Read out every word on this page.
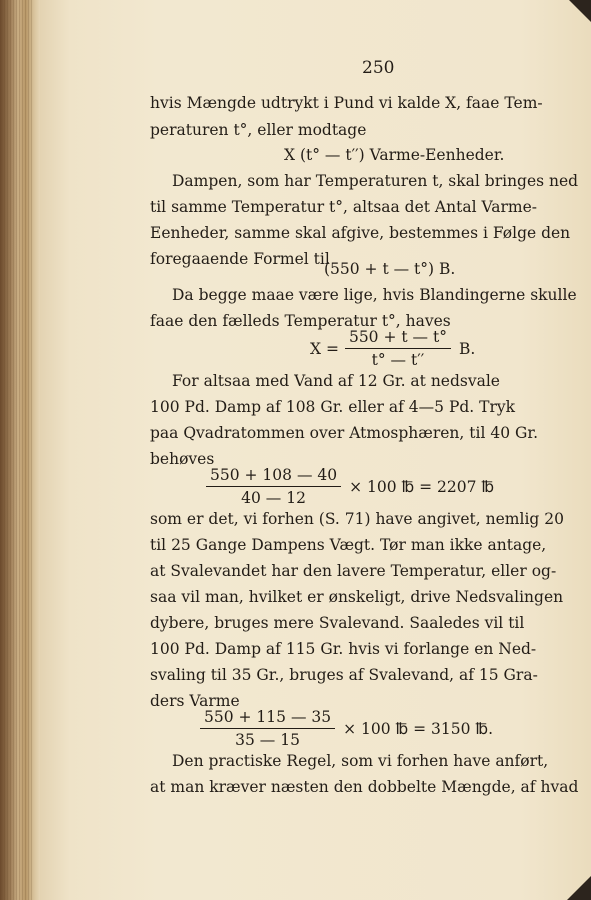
250
hvis Mængde udtrykt i Pund vi kalde X, faae Tem-
peraturen t°, eller modtage
X (t° — t′′) Varme-Eenheder.
Dampen, som har Temperaturen t, skal bringes ned
til samme Temperatur t°, altsaa det Antal Varme-
Eenheder, samme skal afgive, bestemmes i Følge den
foregaaende Formel til
(550 + t — t°) B.
Da begge maae være lige, hvis Blandingerne skulle
faae den fælleds Temperatur t°, haves
$X = \frac{550 + t — t^\circ}{t^\circ — t''} B$.
For altsaa med Vand af 12 Gr. at nedsvale
100 Pd. Damp af 108 Gr. eller af 4—5 Pd. Tryk
paa Qvadratommen over Atmosphæren, til 40 Gr.
behøves
$\frac{550 + 108 — 40}{40 — 12} \times 100$ ℔ = 2207 ℔
som er det, vi forhen (S. 71) have angivet, nemlig 20
til 25 Gange Dampens Vægt. Tør man ikke antage,
at Svalevandet har den lavere Temperatur, eller og-
saa vil man, hvilket er ønskeligt, drive Nedsvalingen
dybere, bruges mere Svalevand. Saaledes vil til
100 Pd. Damp af 115 Gr. hvis vi forlange en Ned-
svaling til 35 Gr., bruges af Svalevand, af 15 Gra-
ders Varme
$\frac{550 + 115 — 35}{35 — 15} \times 100$ ℔ = 3150 ℔.
Den practiske Regel, som vi forhen have anført,
at man kræver næsten den dobbelte Mængde, af hvad
